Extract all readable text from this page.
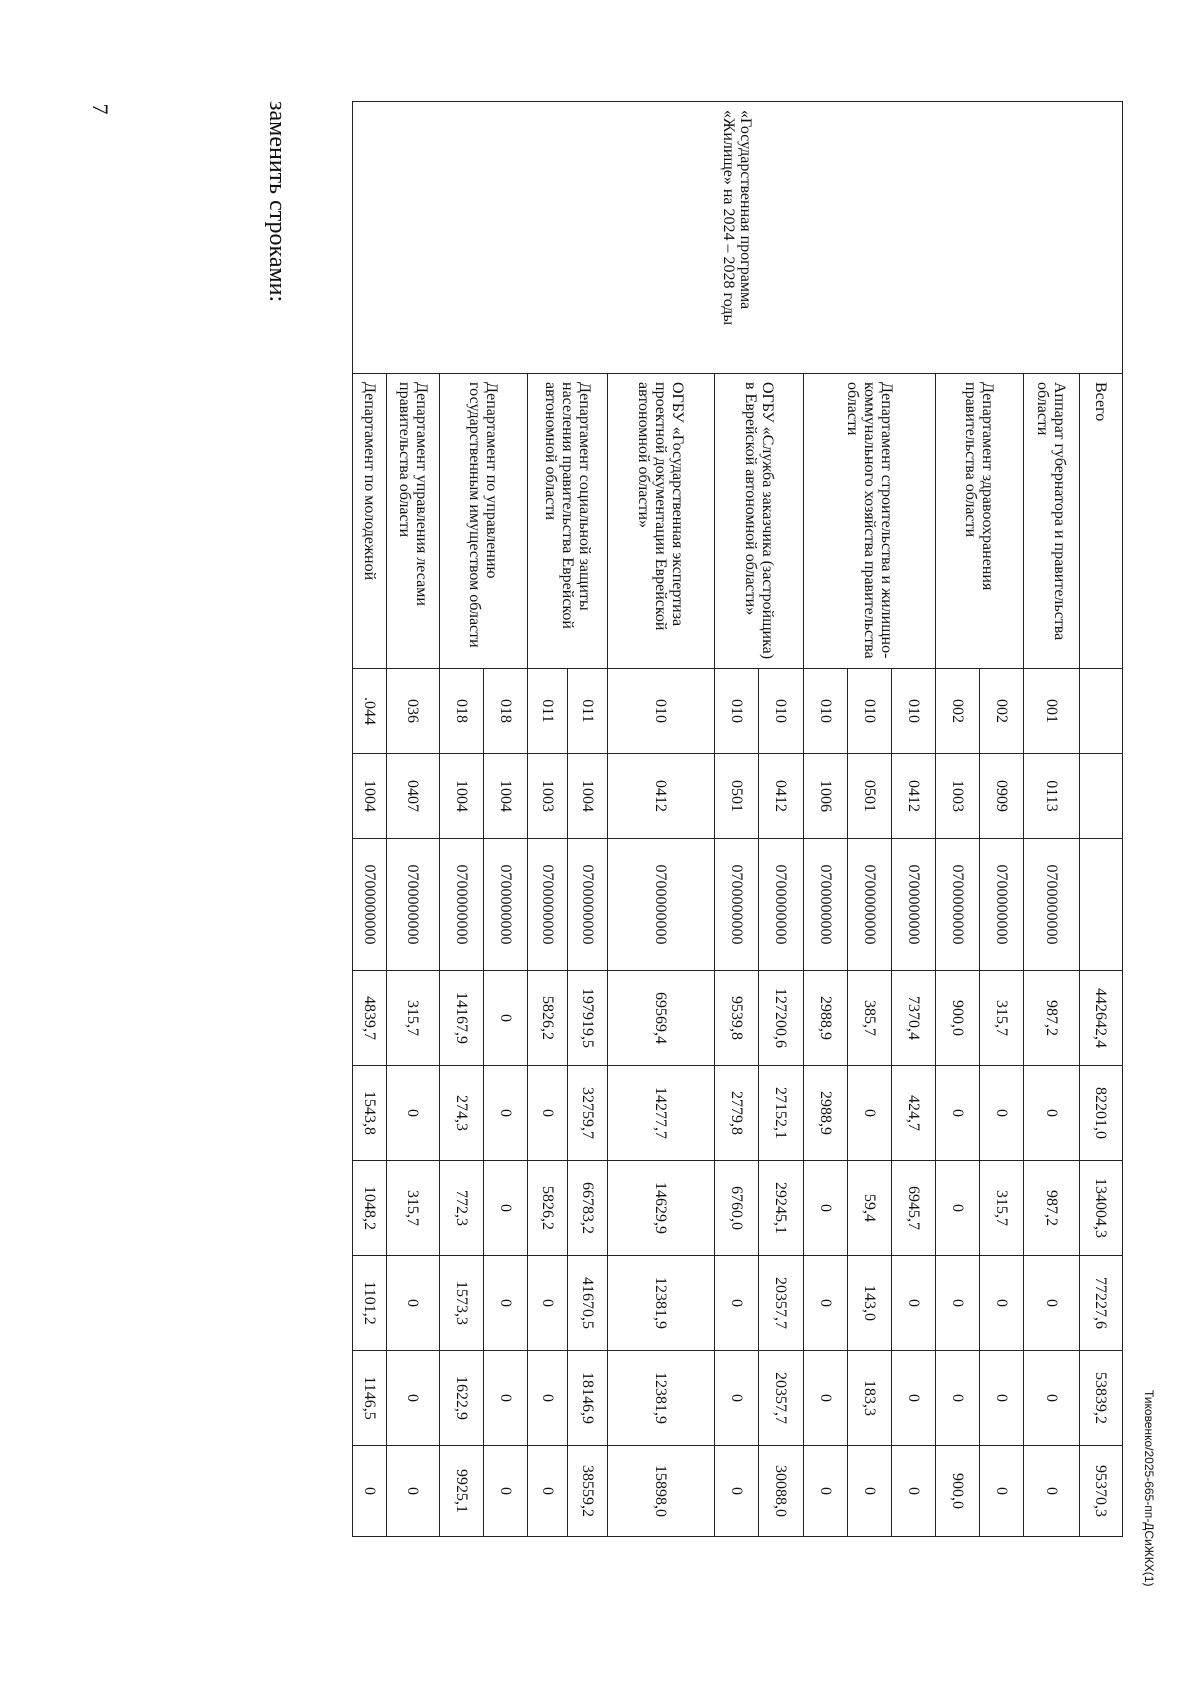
7	заменить строками:	«Государственная программа «Жилище» на 2024 – 2028 годы	Всего				442642,4	82201,0	134004,3	77227,6	53839,2	95370,3
	Аппарат губернатора и правительства области	001	0113	0700000000	987,2	0	987,2	0	0	0
	Департамент здравоохранения правительства области	002	0909	0700000000	315,7	0	315,7	0	0	0
		002	1003	0700000000	900,0	0	0	0	0	900,0
	Департамент строительства и жилищно-коммунального хозяйства правительства области	010	0412	0700000000	7370,4	424,7	6945,7	0	0	0
		010	0501	0700000000	385,7	0	59,4	143,0	183,3	0
		010	1006	0700000000	2988,9	2988,9	0	0	0	0
	ОГБУ «Служба заказчика (застройщика) в Еврейской автономной области»	010	0412	0700000000	127200,6	27152,1	29245,1	20357,7	20357,7	30088,0
		010	0501	0700000000	9539,8	2779,8	6760,0	0	0	0
	ОГБУ «Государственная экспертиза проектной документации Еврейской автономной области»	010	0412	0700000000	69569,4	14277,7	14629,9	12381,9	12381,9	15898,0
	Департамент социальной защиты населения правительства Еврейской автономной области	011	1004	0700000000	197919,5	32759,7	66783,2	41670,5	18146,9	38559,2
		011	1003	0700000000	5826,2	0	5826,2	0	0	0
	Департамент по управлению государственным имуществом области	018	1004	0700000000	0	0	0	0	0	0
		018	1004	0700000000	14167,9	274,3	772,3	1573,3	1622,9	9925,1
	Департамент управления лесами правительства области	036	0407	0700000000	315,7	0	315,7	0	0	0
	Департамент по молодежной	.044	1004	0700000000	4839,7	1543,8	1048,2	1101,2	1146,5	0	Тиковенко/2025-665-пп-ДСиЖКХ(1)
